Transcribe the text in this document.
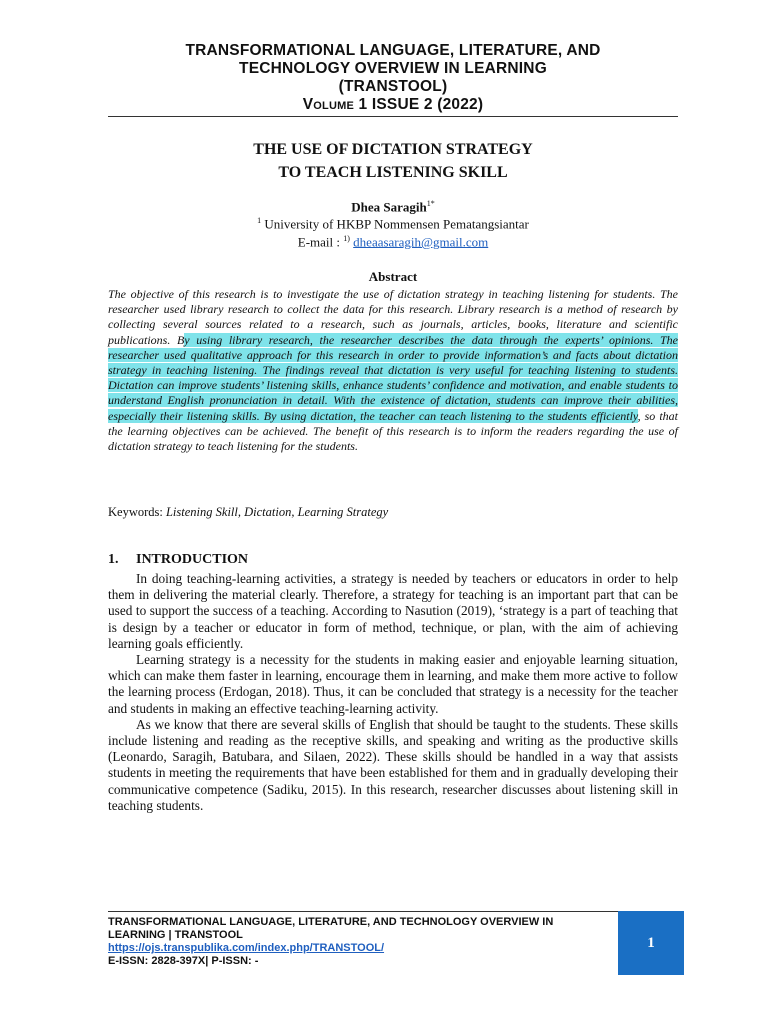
TRANSFORMATIONAL LANGUAGE, LITERATURE, AND
TECHNOLOGY OVERVIEW IN LEARNING
(TRANSTOOL)
Volume 1 ISSUE 2 (2022)
THE USE OF DICTATION STRATEGY
TO TEACH LISTENING SKILL
Dhea Saragih$^{1*}$
$^1$ University of HKBP Nommensen Pematangsiantar
E-mail : $^{1)}$ dheaasaragih@gmail.com
Abstract
The objective of this research is to investigate the use of dictation strategy in teaching listening for students. The researcher used library research to collect the data for this research. Library research is a method of research by collecting several sources related to a research, such as journals, articles, books, literature and scientific publications. By using library research, the researcher describes the data through the experts’ opinions. The researcher used qualitative approach for this research in order to provide information’s and facts about dictation strategy in teaching listening. The findings reveal that dictation is very useful for teaching listening to students. Dictation can improve students’ listening skills, enhance students’ confidence and motivation, and enable students to understand English pronunciation in detail. With the existence of dictation, students can improve their abilities, especially their listening skills. By using dictation, the teacher can teach listening to the students efficiently, so that the learning objectives can be achieved. The benefit of this research is to inform the readers regarding the use of dictation strategy to teach listening for the students.
Keywords: Listening Skill, Dictation, Learning Strategy
1. INTRODUCTION

In doing teaching-learning activities, a strategy is needed by teachers or educators in order to help them in delivering the material clearly. Therefore, a strategy for teaching is an important part that can be used to support the success of a teaching. According to Nasution (2019), ‘strategy is a part of teaching that is design by a teacher or educator in form of method, technique, or plan, with the aim of achieving learning goals efficiently.

Learning strategy is a necessity for the students in making easier and enjoyable learning situation, which can make them faster in learning, encourage them in learning, and make them more active to follow the learning process (Erdogan, 2018). Thus, it can be concluded that strategy is a necessity for the teacher and students in making an effective teaching-learning activity.

As we know that there are several skills of English that should be taught to the students. These skills include listening and reading as the receptive skills, and speaking and writing as the productive skills (Leonardo, Saragih, Batubara, and Silaen, 2022). These skills should be handled in a way that assists students in meeting the requirements that have been established for them and in gradually developing their communicative competence (Sadiku, 2015). In this research, researcher discusses about listening skill in teaching students.

TRANSFORMATIONAL LANGUAGE, LITERATURE, AND TECHNOLOGY OVERVIEW IN LEARNING | TRANSTOOL
https://ojs.transpublika.com/index.php/TRANSTOOL/
E-ISSN: 2828-397X| P-ISSN: -
1
